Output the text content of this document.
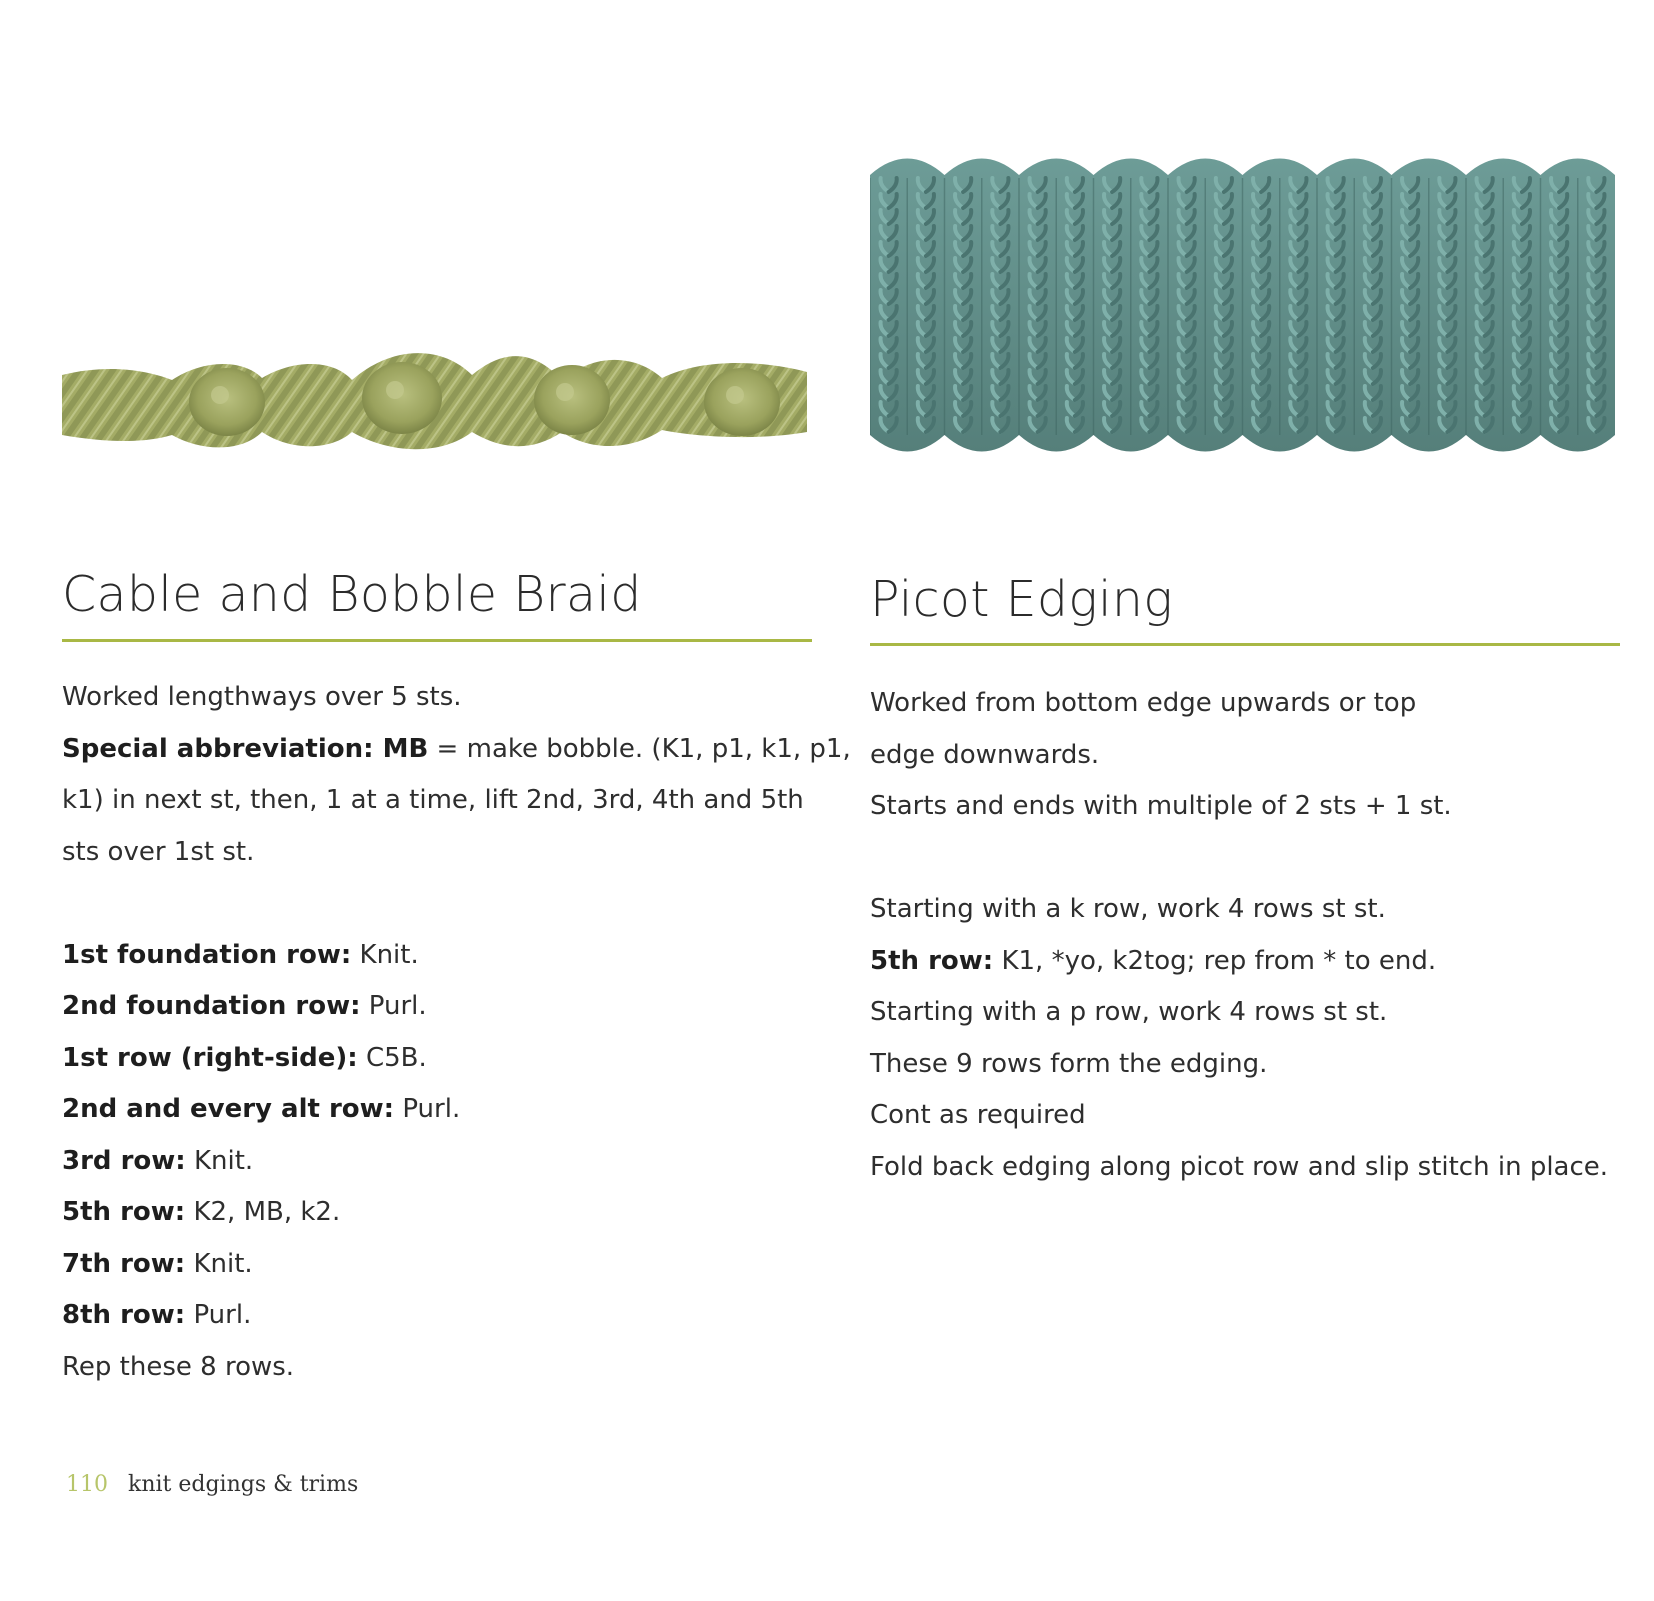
Cable and Bobble Braid
Worked lengthways over 5 sts.
Special abbreviation: MB = make bobble. (K1, p1, k1, p1,
k1) in next st, then, 1 at a time, lift 2nd, 3rd, 4th and 5th
sts over 1st st.
1st foundation row: Knit.
2nd foundation row: Purl.
1st row (right-side): C5B.
2nd and every alt row: Purl.
3rd row: Knit.
5th row: K2, MB, k2.
7th row: Knit.
8th row: Purl.
Rep these 8 rows.
Picot Edging
Worked from bottom edge upwards or top
edge downwards.
Starts and ends with multiple of 2 sts + 1 st.
Starting with a k row, work 4 rows st st.
5th row: K1, *yo, k2tog; rep from * to end.
Starting with a p row, work 4 rows st st.
These 9 rows form the edging.
Cont as required
Fold back edging along picot row and slip stitch in place.
110 knit edgings & trims
